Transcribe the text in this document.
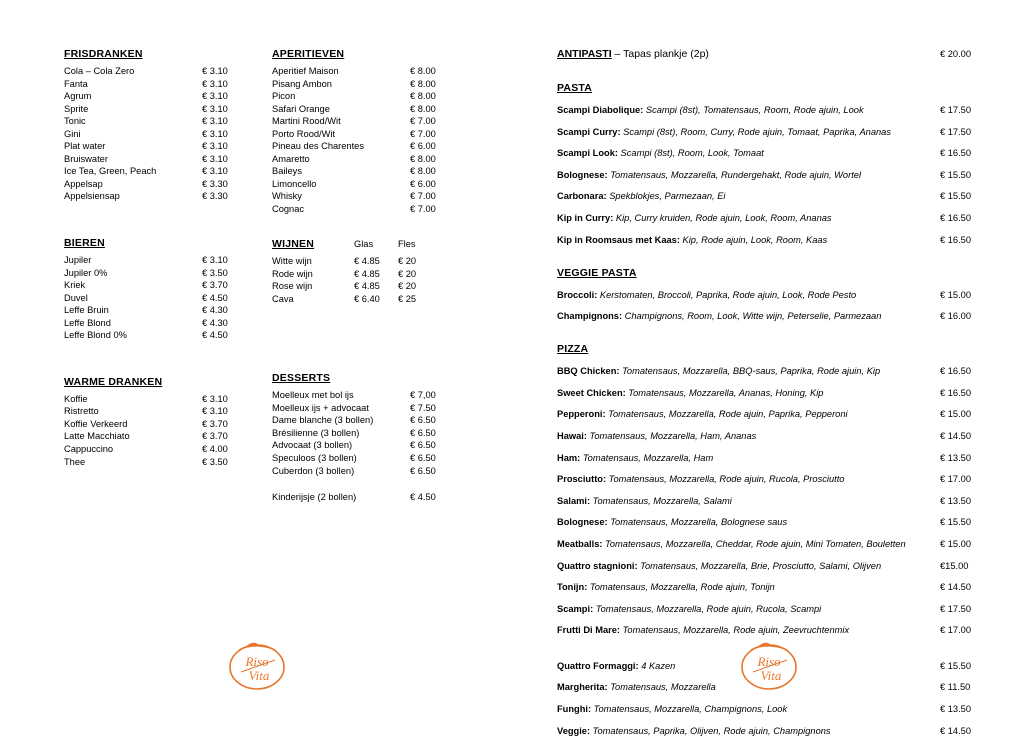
FRISDRANKEN
Cola – Cola Zero	€ 3.10
Fanta	€ 3.10
Agrum	€ 3.10
Sprite	€ 3.10
Tonic	€ 3.10
Gini	€ 3.10
Plat water	€ 3.10
Bruiswater	€ 3.10
Ice Tea, Green, Peach	€ 3.10
Appelsap	€ 3.30
Appelsiensap	€ 3.30
BIEREN
Jupiler	€ 3.10
Jupiler 0%	€ 3.50
Kriek	€ 3.70
Duvel	€ 4.50
Leffe Bruin	€ 4.30
Leffe Blond	€ 4.30
Leffe Blond 0%	€ 4.50
WARME DRANKEN
Koffie	€ 3.10
Ristretto	€ 3.10
Koffie Verkeerd	€ 3.70
Latte Macchiato	€ 3.70
Cappuccino	€ 4.00
Thee	€ 3.50
APERITIEVEN
Aperitief Maison	€ 8.00
Pisang Ambon	€ 8.00
Picon	€ 8.00
Safari Orange	€ 8.00
Martini Rood/Wit	€ 7.00
Porto Rood/Wit	€ 7.00
Pineau des Charentes	€ 6.00
Amaretto	€ 8.00
Baileys	€ 8.00
Limoncello	€ 6.00
Whisky	€ 7.00
Cognac	€ 7.00
WIJNEN	Glas	Fles
Witte wijn	€ 4.85	€ 20
Rode wijn	€ 4.85	€ 20
Rose wijn	€ 4.85	€ 20
Cava	€ 6.40	€ 25
DESSERTS
Moelleux met bol ijs	€ 7,00
Moelleux ijs + advocaat	€ 7.50
Dame blanche (3 bollen)	€ 6.50
Brésilienne (3 bollen)	€ 6.50
Advocaat (3 bollen)	€ 6.50
Speculoos (3 bollen)	€ 6.50
Cuberdon (3 bollen)	€ 6.50
Kinderijsje (2 bollen)	€ 4.50
Riso
Vita
ANTIPASTI – Tapas plankje (2p)	€ 20.00
PASTA
Scampi Diabolique: Scampi (8st), Tomatensaus, Room, Rode ajuin, Look	€ 17.50
Scampi Curry: Scampi (8st), Room, Curry, Rode ajuin, Tomaat, Paprika, Ananas	€ 17.50
Scampi Look: Scampi (8st), Room, Look, Tomaat	€ 16.50
Bolognese: Tomatensaus, Mozzarella, Rundergehakt, Rode ajuin, Wortel	€ 15.50
Carbonara: Spekblokjes, Parmezaan, Ei	€ 15.50
Kip in Curry: Kip, Curry kruiden, Rode ajuin, Look, Room, Ananas	€ 16.50
Kip in Roomsaus met Kaas: Kip, Rode ajuin, Look, Room, Kaas	€ 16.50
VEGGIE PASTA
Broccoli: Kerstomaten, Broccoli, Paprika, Rode ajuin, Look, Rode Pesto	€ 15.00
Champignons: Champignons, Room, Look, Witte wijn, Peterselie, Parmezaan	€ 16.00
PIZZA
BBQ Chicken: Tomatensaus, Mozzarella, BBQ-saus, Paprika, Rode ajuin, Kip	€ 16.50
Sweet Chicken: Tomatensaus, Mozzarella, Ananas, Honing, Kip	€ 16.50
Pepperoni: Tomatensaus, Mozzarella, Rode ajuin, Paprika, Pepperoni	€ 15.00
Hawai: Tomatensaus, Mozzarella, Ham, Ananas	€ 14.50
Ham: Tomatensaus, Mozzarella, Ham	€ 13.50
Prosciutto: Tomatensaus, Mozzarella, Rode ajuin, Rucola, Prosciutto	€ 17.00
Salami: Tomatensaus, Mozzarella, Salami	€ 13.50
Bolognese: Tomatensaus, Mozzarella, Bolognese saus	€ 15.50
Meatballs: Tomatensaus, Mozzarella, Cheddar, Rode ajuin, Mini Tomaten, Bouletten	€ 15.00
Quattro stagnioni: Tomatensaus, Mozzarella, Brie, Prosciutto, Salami, Olijven	€15.00
Tonijn: Tomatensaus, Mozzarella, Rode ajuin, Tonijn	€ 14.50
Scampi: Tomatensaus, Mozzarella, Rode ajuin, Rucola, Scampi	€ 17.50
Frutti Di Mare: Tomatensaus, Mozzarella, Rode ajuin, Zeevruchtenmix	€ 17.00
Quattro Formaggi: 4 Kazen	€ 15.50
Margherita: Tomatensaus, Mozzarella	€ 11.50
Funghi: Tomatensaus, Mozzarella, Champignons, Look	€ 13.50
Veggie: Tomatensaus, Paprika, Olijven, Rode ajuin, Champignons	€ 14.50
Riso
Vita
